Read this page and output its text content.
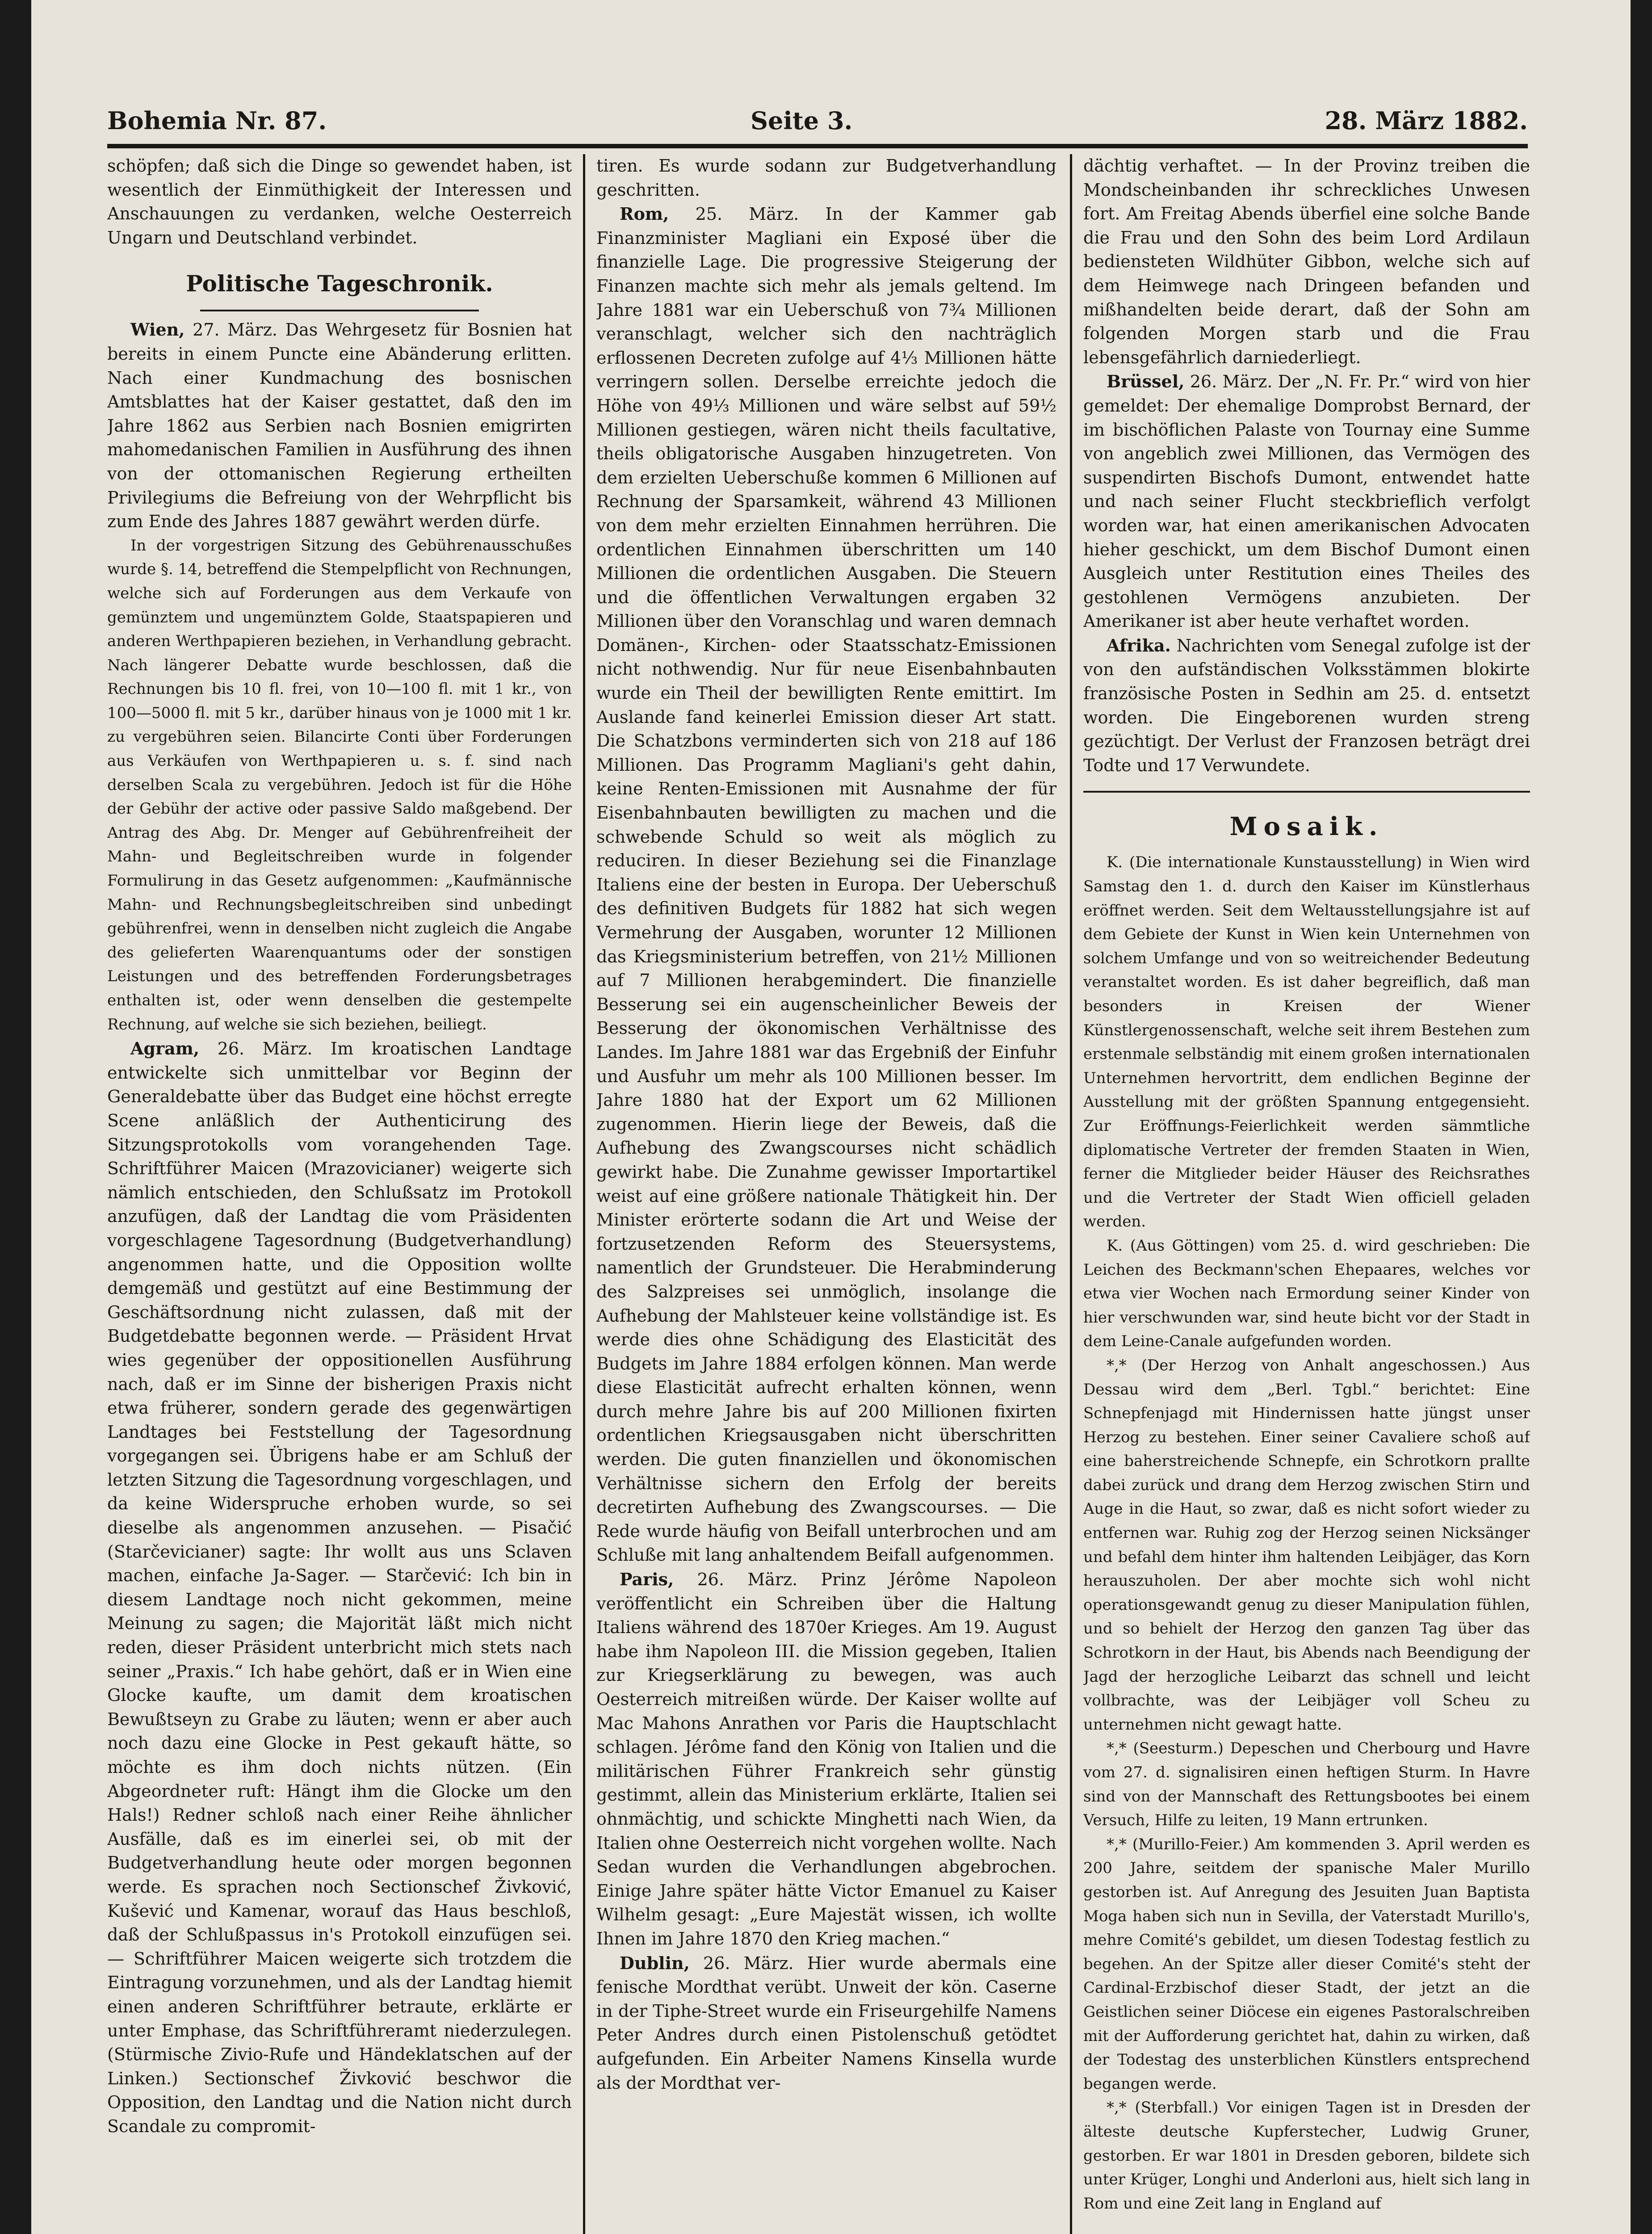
Bohemia Nr. 87.	Seite 3.	28. März 1882.

schöpfen; daß sich die Dinge so gewendet haben, ist wesentlich der Einmüthigkeit der Interessen und Anschauungen zu verdanken, welche Oesterreich Ungarn und Deutschland verbindet.

Politische Tageschronik.

Wien, 27. März. Das Wehrgesetz für Bosnien hat bereits in einem Puncte eine Abänderung erlitten. Nach einer Kundmachung des bosnischen Amtsblattes hat der Kaiser gestattet, daß den im Jahre 1862 aus Serbien nach Bosnien emigrirten mahomedanischen Familien in Ausführung des ihnen von der ottomanischen Regierung ertheilten Privilegiums die Befreiung von der Wehrpflicht bis zum Ende des Jahres 1887 gewährt werden dürfe.

In der vorgestrigen Sitzung des Gebührenausschußes wurde §. 14, betreffend die Stempelpflicht von Rechnungen, welche sich auf Forderungen aus dem Verkaufe von gemünztem und ungemünztem Golde, Staatspapieren und anderen Werthpapieren beziehen, in Verhandlung gebracht. Nach längerer Debatte wurde beschlossen, daß die Rechnungen bis 10 fl. frei, von 10—100 fl. mit 1 kr., von 100—5000 fl. mit 5 kr., darüber hinaus von je 1000 mit 1 kr. zu vergebühren seien. Bilancirte Conti über Forderungen aus Verkäufen von Werthpapieren u. s. f. sind nach derselben Scala zu vergebühren. Jedoch ist für die Höhe der Gebühr der active oder passive Saldo maßgebend. Der Antrag des Abg. Dr. Menger auf Gebührenfreiheit der Mahn- und Begleitschreiben wurde in folgender Formulirung in das Gesetz aufgenommen: „Kaufmännische Mahn- und Rechnungsbegleitschreiben sind unbedingt gebührenfrei, wenn in denselben nicht zugleich die Angabe des gelieferten Waarenquantums oder der sonstigen Leistungen und des betreffenden Forderungsbetrages enthalten ist, oder wenn denselben die gestempelte Rechnung, auf welche sie sich beziehen, beiliegt.

Agram, 26. März. Im kroatischen Landtage entwickelte sich unmittelbar vor Beginn der Generaldebatte über das Budget eine höchst erregte Scene anläßlich der Authenticirung des Sitzungsprotokolls vom vorangehenden Tage. Schriftführer Maicen (Mrazovicianer) weigerte sich nämlich entschieden, den Schlußsatz im Protokoll anzufügen, daß der Landtag die vom Präsidenten vorgeschlagene Tagesordnung (Budgetverhandlung) angenommen hatte, und die Opposition wollte demgemäß und gestützt auf eine Bestimmung der Geschäftsordnung nicht zulassen, daß mit der Budgetdebatte begonnen werde. — Präsident Hrvat wies gegenüber der oppositionellen Ausführung nach, daß er im Sinne der bisherigen Praxis nicht etwa früherer, sondern gerade des gegenwärtigen Landtages bei Feststellung der Tagesordnung vorgegangen sei. Übrigens habe er am Schluß der letzten Sitzung die Tagesordnung vorgeschlagen, und da keine Widerspruche erhoben wurde, so sei dieselbe als angenommen anzusehen. — Pisačić (Starčevicianer) sagte: Ihr wollt aus uns Sclaven machen, einfache Ja-Sager. — Starčević: Ich bin in diesem Landtage noch nicht gekommen, meine Meinung zu sagen; die Majorität läßt mich nicht reden, dieser Präsident unterbricht mich stets nach seiner „Praxis.“ Ich habe gehört, daß er in Wien eine Glocke kaufte, um damit dem kroatischen Bewußtseyn zu Grabe zu läuten; wenn er aber auch noch dazu eine Glocke in Pest gekauft hätte, so möchte es ihm doch nichts nützen. (Ein Abgeordneter ruft: Hängt ihm die Glocke um den Hals!) Redner schloß nach einer Reihe ähnlicher Ausfälle, daß es im einerlei sei, ob mit der Budgetverhandlung heute oder morgen begonnen werde. Es sprachen noch Sectionschef Živković, Kušević und Kamenar, worauf das Haus beschloß, daß der Schlußpassus in's Protokoll einzufügen sei. — Schriftführer Maicen weigerte sich trotzdem die Eintragung vorzunehmen, und als der Landtag hiemit einen anderen Schriftführer betraute, erklärte er unter Emphase, das Schriftführeramt niederzulegen. (Stürmische Zivio-Rufe und Händeklatschen auf der Linken.) Sectionschef Živković beschwor die Opposition, den Landtag und die Nation nicht durch Scandale zu compromit-

tiren. Es wurde sodann zur Budgetverhandlung geschritten.

Rom, 25. März. In der Kammer gab Finanzminister Magliani ein Exposé über die finanzielle Lage. Die progressive Steigerung der Finanzen machte sich mehr als jemals geltend. Im Jahre 1881 war ein Ueberschuß von 7¾ Millionen veranschlagt, welcher sich den nachträglich erflossenen Decreten zufolge auf 4⅓ Millionen hätte verringern sollen. Derselbe erreichte jedoch die Höhe von 49⅓ Millionen und wäre selbst auf 59½ Millionen gestiegen, wären nicht theils facultative, theils obligatorische Ausgaben hinzugetreten. Von dem erzielten Ueberschuße kommen 6 Millionen auf Rechnung der Sparsamkeit, während 43 Millionen von dem mehr erzielten Einnahmen herrühren. Die ordentlichen Einnahmen überschritten um 140 Millionen die ordentlichen Ausgaben. Die Steuern und die öffentlichen Verwaltungen ergaben 32 Millionen über den Voranschlag und waren demnach Domänen-, Kirchen- oder Staatsschatz-Emissionen nicht nothwendig. Nur für neue Eisenbahnbauten wurde ein Theil der bewilligten Rente emittirt. Im Auslande fand keinerlei Emission dieser Art statt. Die Schatzbons verminderten sich von 218 auf 186 Millionen. Das Programm Magliani's geht dahin, keine Renten-Emissionen mit Ausnahme der für Eisenbahnbauten bewilligten zu machen und die schwebende Schuld so weit als möglich zu reduciren. In dieser Beziehung sei die Finanzlage Italiens eine der besten in Europa. Der Ueberschuß des definitiven Budgets für 1882 hat sich wegen Vermehrung der Ausgaben, worunter 12 Millionen das Kriegsministerium betreffen, von 21½ Millionen auf 7 Millionen herabgemindert. Die finanzielle Besserung sei ein augenscheinlicher Beweis der Besserung der ökonomischen Verhältnisse des Landes. Im Jahre 1881 war das Ergebniß der Einfuhr und Ausfuhr um mehr als 100 Millionen besser. Im Jahre 1880 hat der Export um 62 Millionen zugenommen. Hierin liege der Beweis, daß die Aufhebung des Zwangscourses nicht schädlich gewirkt habe. Die Zunahme gewisser Importartikel weist auf eine größere nationale Thätigkeit hin. Der Minister erörterte sodann die Art und Weise der fortzusetzenden Reform des Steuersystems, namentlich der Grundsteuer. Die Herabminderung des Salzpreises sei unmöglich, insolange die Aufhebung der Mahlsteuer keine vollständige ist. Es werde dies ohne Schädigung des Elasticität des Budgets im Jahre 1884 erfolgen können. Man werde diese Elasticität aufrecht erhalten können, wenn durch mehre Jahre bis auf 200 Millionen fixirten ordentlichen Kriegsausgaben nicht überschritten werden. Die guten finanziellen und ökonomischen Verhältnisse sichern den Erfolg der bereits decretirten Aufhebung des Zwangscourses. — Die Rede wurde häufig von Beifall unterbrochen und am Schluße mit lang anhaltendem Beifall aufgenommen.

Paris, 26. März. Prinz Jérôme Napoleon veröffentlicht ein Schreiben über die Haltung Italiens während des 1870er Krieges. Am 19. August habe ihm Napoleon III. die Mission gegeben, Italien zur Kriegserklärung zu bewegen, was auch Oesterreich mitreißen würde. Der Kaiser wollte auf Mac Mahons Anrathen vor Paris die Hauptschlacht schlagen. Jérôme fand den König von Italien und die militärischen Führer Frankreich sehr günstig gestimmt, allein das Ministerium erklärte, Italien sei ohnmächtig, und schickte Minghetti nach Wien, da Italien ohne Oesterreich nicht vorgehen wollte. Nach Sedan wurden die Verhandlungen abgebrochen. Einige Jahre später hätte Victor Emanuel zu Kaiser Wilhelm gesagt: „Eure Majestät wissen, ich wollte Ihnen im Jahre 1870 den Krieg machen.“

Dublin, 26. März. Hier wurde abermals eine fenische Mordthat verübt. Unweit der kön. Caserne in der Tiphe-Street wurde ein Friseurgehilfe Namens Peter Andres durch einen Pistolenschuß getödtet aufgefunden. Ein Arbeiter Namens Kinsella wurde als der Mordthat ver-

dächtig verhaftet. — In der Provinz treiben die Mondscheinbanden ihr schreckliches Unwesen fort. Am Freitag Abends überfiel eine solche Bande die Frau und den Sohn des beim Lord Ardilaun bediensteten Wildhüter Gibbon, welche sich auf dem Heimwege nach Dringeen befanden und mißhandelten beide derart, daß der Sohn am folgenden Morgen starb und die Frau lebensgefährlich darniederliegt.

Brüssel, 26. März. Der „N. Fr. Pr.“ wird von hier gemeldet: Der ehemalige Domprobst Bernard, der im bischöflichen Palaste von Tournay eine Summe von angeblich zwei Millionen, das Vermögen des suspendirten Bischofs Dumont, entwendet hatte und nach seiner Flucht steckbrieflich verfolgt worden war, hat einen amerikanischen Advocaten hieher geschickt, um dem Bischof Dumont einen Ausgleich unter Restitution eines Theiles des gestohlenen Vermögens anzubieten. Der Amerikaner ist aber heute verhaftet worden.

Afrika. Nachrichten vom Senegal zufolge ist der von den aufständischen Volksstämmen blokirte französische Posten in Sedhin am 25. d. entsetzt worden. Die Eingeborenen wurden streng gezüchtigt. Der Verlust der Franzosen beträgt drei Todte und 17 Verwundete.

Mosaik.

K. (Die internationale Kunstausstellung) in Wien wird Samstag den 1. d. durch den Kaiser im Künstlerhaus eröffnet werden. Seit dem Weltausstellungsjahre ist auf dem Gebiete der Kunst in Wien kein Unternehmen von solchem Umfange und von so weitreichender Bedeutung veranstaltet worden. Es ist daher begreiflich, daß man besonders in Kreisen der Wiener Künstlergenossenschaft, welche seit ihrem Bestehen zum erstenmale selbständig mit einem großen internationalen Unternehmen hervortritt, dem endlichen Beginne der Ausstellung mit der größten Spannung entgegensieht. Zur Eröffnungs-Feierlichkeit werden sämmtliche diplomatische Vertreter der fremden Staaten in Wien, ferner die Mitglieder beider Häuser des Reichsrathes und die Vertreter der Stadt Wien officiell geladen werden.

K. (Aus Göttingen) vom 25. d. wird geschrieben: Die Leichen des Beckmann'schen Ehepaares, welches vor etwa vier Wochen nach Ermordung seiner Kinder von hier verschwunden war, sind heute bicht vor der Stadt in dem Leine-Canale aufgefunden worden.

*,* (Der Herzog von Anhalt angeschossen.) Aus Dessau wird dem „Berl. Tgbl.“ berichtet: Eine Schnepfenjagd mit Hindernissen hatte jüngst unser Herzog zu bestehen. Einer seiner Cavaliere schoß auf eine baherstreichende Schnepfe, ein Schrotkorn prallte dabei zurück und drang dem Herzog zwischen Stirn und Auge in die Haut, so zwar, daß es nicht sofort wieder zu entfernen war. Ruhig zog der Herzog seinen Nicksänger und befahl dem hinter ihm haltenden Leibjäger, das Korn herauszuholen. Der aber mochte sich wohl nicht operationsgewandt genug zu dieser Manipulation fühlen, und so behielt der Herzog den ganzen Tag über das Schrotkorn in der Haut, bis Abends nach Beendigung der Jagd der herzogliche Leibarzt das schnell und leicht vollbrachte, was der Leibjäger voll Scheu zu unternehmen nicht gewagt hatte.

*,* (Seesturm.) Depeschen und Cherbourg und Havre vom 27. d. signalisiren einen heftigen Sturm. In Havre sind von der Mannschaft des Rettungsbootes bei einem Versuch, Hilfe zu leiten, 19 Mann ertrunken.

*,* (Murillo-Feier.) Am kommenden 3. April werden es 200 Jahre, seitdem der spanische Maler Murillo gestorben ist. Auf Anregung des Jesuiten Juan Baptista Moga haben sich nun in Sevilla, der Vaterstadt Murillo's, mehre Comité's gebildet, um diesen Todestag festlich zu begehen. An der Spitze aller dieser Comité's steht der Cardinal-Erzbischof dieser Stadt, der jetzt an die Geistlichen seiner Diöcese ein eigenes Pastoralschreiben mit der Aufforderung gerichtet hat, dahin zu wirken, daß der Todestag des unsterblichen Künstlers entsprechend begangen werde.

*,* (Sterbfall.) Vor einigen Tagen ist in Dresden der älteste deutsche Kupferstecher, Ludwig Gruner, gestorben. Er war 1801 in Dresden geboren, bildete sich unter Krüger, Longhi und Anderloni aus, hielt sich lang in Rom und eine Zeit lang in England auf
